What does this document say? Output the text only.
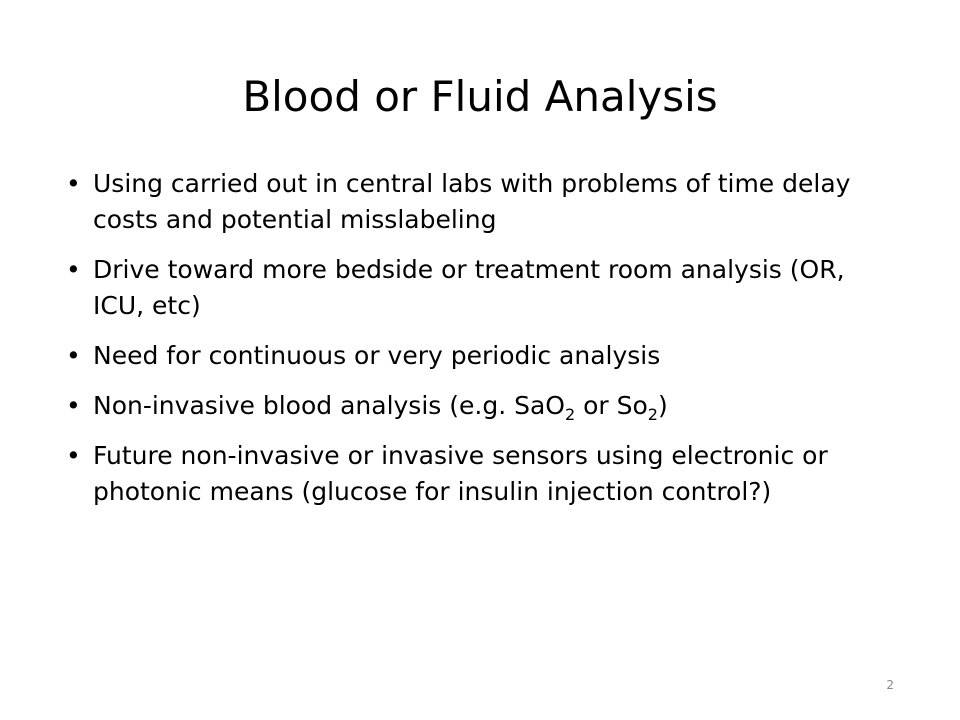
Blood or Fluid Analysis
• Using carried out in central labs with problems of time delay costs and potential misslabeling
• Drive toward more bedside or treatment room analysis (OR, ICU, etc)
• Need for continuous or very periodic analysis
• Non-invasive blood analysis (e.g. SaO$_2$ or $So_2$)
• Future non-invasive or invasive sensors using electronic or photonic means (glucose for insulin injection control?)
2
